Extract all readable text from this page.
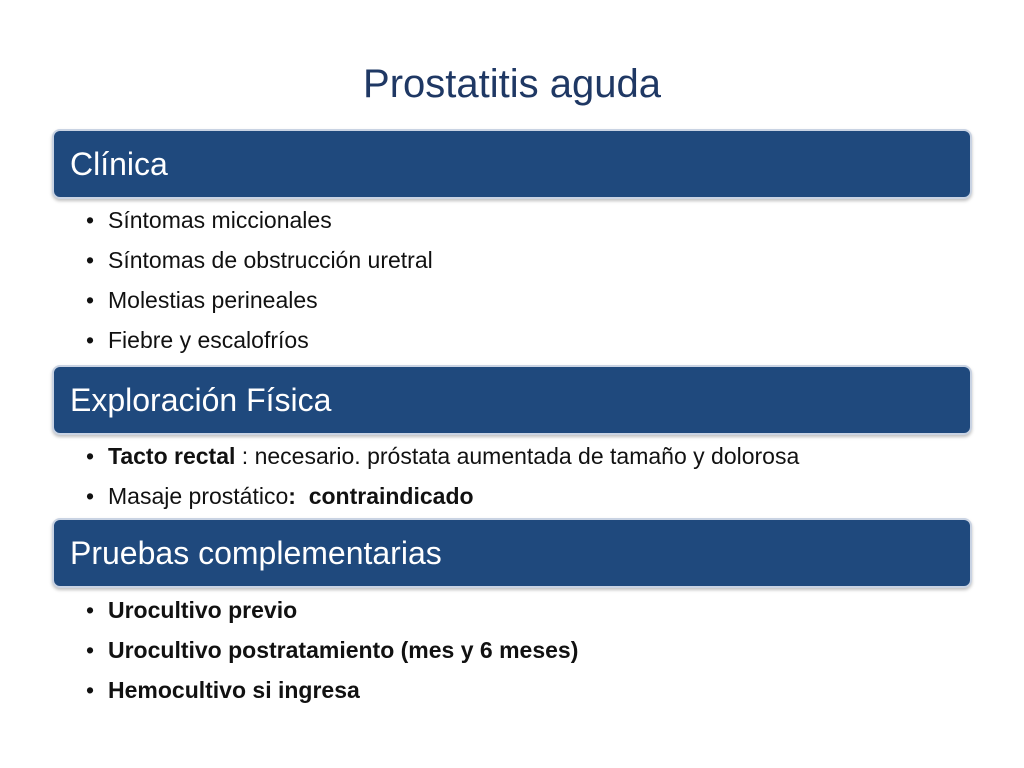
Prostatitis aguda
Clínica
• Síntomas miccionales
• Síntomas de obstrucción uretral
• Molestias perineales
• Fiebre y escalofríos
Exploración Física
• Tacto rectal : necesario. próstata aumentada de tamaño y dolorosa
• Masaje prostático:  contraindicado
Pruebas complementarias
• Urocultivo previo
• Urocultivo postratamiento (mes y 6 meses)
• Hemocultivo si ingresa
